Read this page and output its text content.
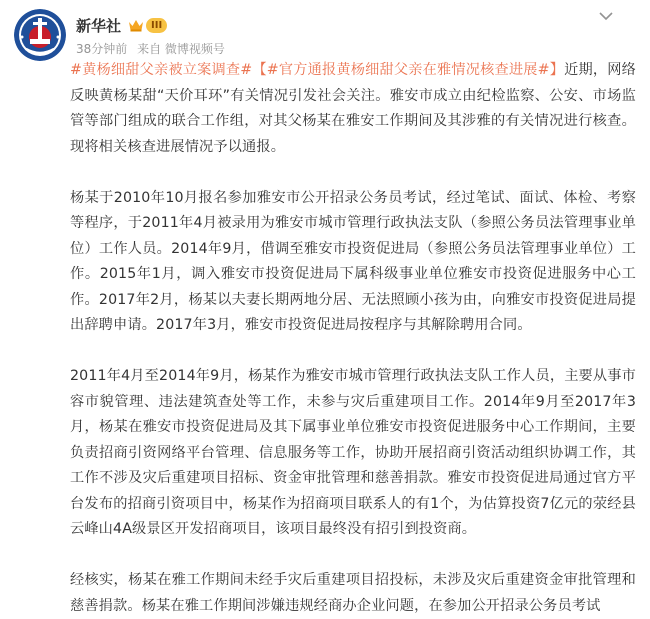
新华社	III
38分钟前 来自 微博视频号

#黄杨细甜父亲被立案调查#【#官方通报黄杨细甜父亲在雅情况核查进展#】近期，网络反映黄杨某甜“天价耳环”有关情况引发社会关注。雅安市成立由纪检监察、公安、市场监管等部门组成的联合工作组，对其父杨某在雅安工作期间及其涉雅的有关情况进行核查。现将相关核查进展情况予以通报。

杨某于2010年10月报名参加雅安市公开招录公务员考试，经过笔试、面试、体检、考察等程序，于2011年4月被录用为雅安市城市管理行政执法支队（参照公务员法管理事业单位）工作人员。2014年9月，借调至雅安市投资促进局（参照公务员法管理事业单位）工作。2015年1月，调入雅安市投资促进局下属科级事业单位雅安市投资促进服务中心工作。2017年2月，杨某以夫妻长期两地分居、无法照顾小孩为由，向雅安市投资促进局提出辞聘申请。2017年3月，雅安市投资促进局按程序与其解除聘用合同。

2011年4月至2014年9月，杨某作为雅安市城市管理行政执法支队工作人员，主要从事市容市貌管理、违法建筑查处等工作，未参与灾后重建项目工作。2014年9月至2017年3月，杨某在雅安市投资促进局及其下属事业单位雅安市投资促进服务中心工作期间，主要负责招商引资网络平台管理、信息服务等工作，协助开展招商引资活动组织协调工作，其工作不涉及灾后重建项目招标、资金审批管理和慈善捐款。雅安市投资促进局通过官方平台发布的招商引资项目中，杨某作为招商项目联系人的有1个，为估算投资7亿元的荥经县云峰山4A级景区开发招商项目，该项目最终没有招引到投资商。

经核实，杨某在雅工作期间未经手灾后重建项目招投标，未涉及灾后重建资金审批管理和慈善捐款。杨某在雅工作期间涉嫌违规经商办企业问题，在参加公开招录公务员考试
